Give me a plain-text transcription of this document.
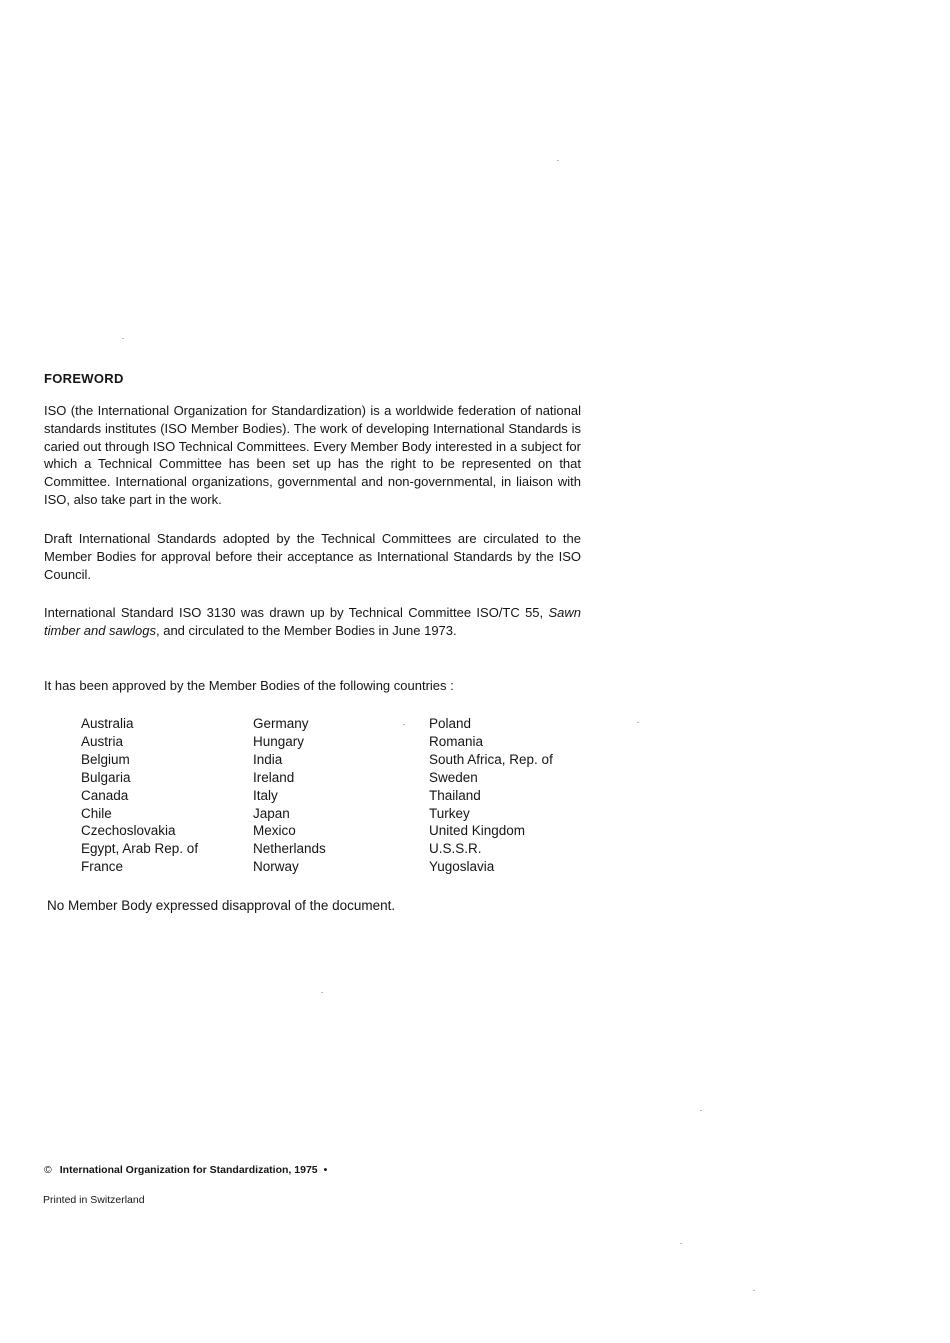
FOREWORD

ISO (the International Organization for Standardization) is a worldwide federation of national standards institutes (ISO Member Bodies). The work of developing International Standards is caried out through ISO Technical Committees. Every Member Body interested in a subject for which a Technical Committee has been set up has the right to be represented on that Committee. International organizations, governmental and non-governmental, in liaison with ISO, also take part in the work.

Draft International Standards adopted by the Technical Committees are circulated to the Member Bodies for approval before their acceptance as International Standards by the ISO Council.

International Standard ISO 3130 was drawn up by Technical Committee ISO/TC 55, Sawn timber and sawlogs, and circulated to the Member Bodies in June 1973.

It has been approved by the Member Bodies of the following countries :
Australia
Austria
Belgium
Bulgaria
Canada
Chile
Czechoslovakia
Egypt, Arab Rep. of
France
Germany
Hungary
India
Ireland
Italy
Japan
Mexico
Netherlands
Norway
Poland
Romania
South Africa, Rep. of
Sweden
Thailand
Turkey
United Kingdom
U.S.S.R.
Yugoslavia
No Member Body expressed disapproval of the document.
© International Organization for Standardization, 1975 •
Printed in Switzerland
